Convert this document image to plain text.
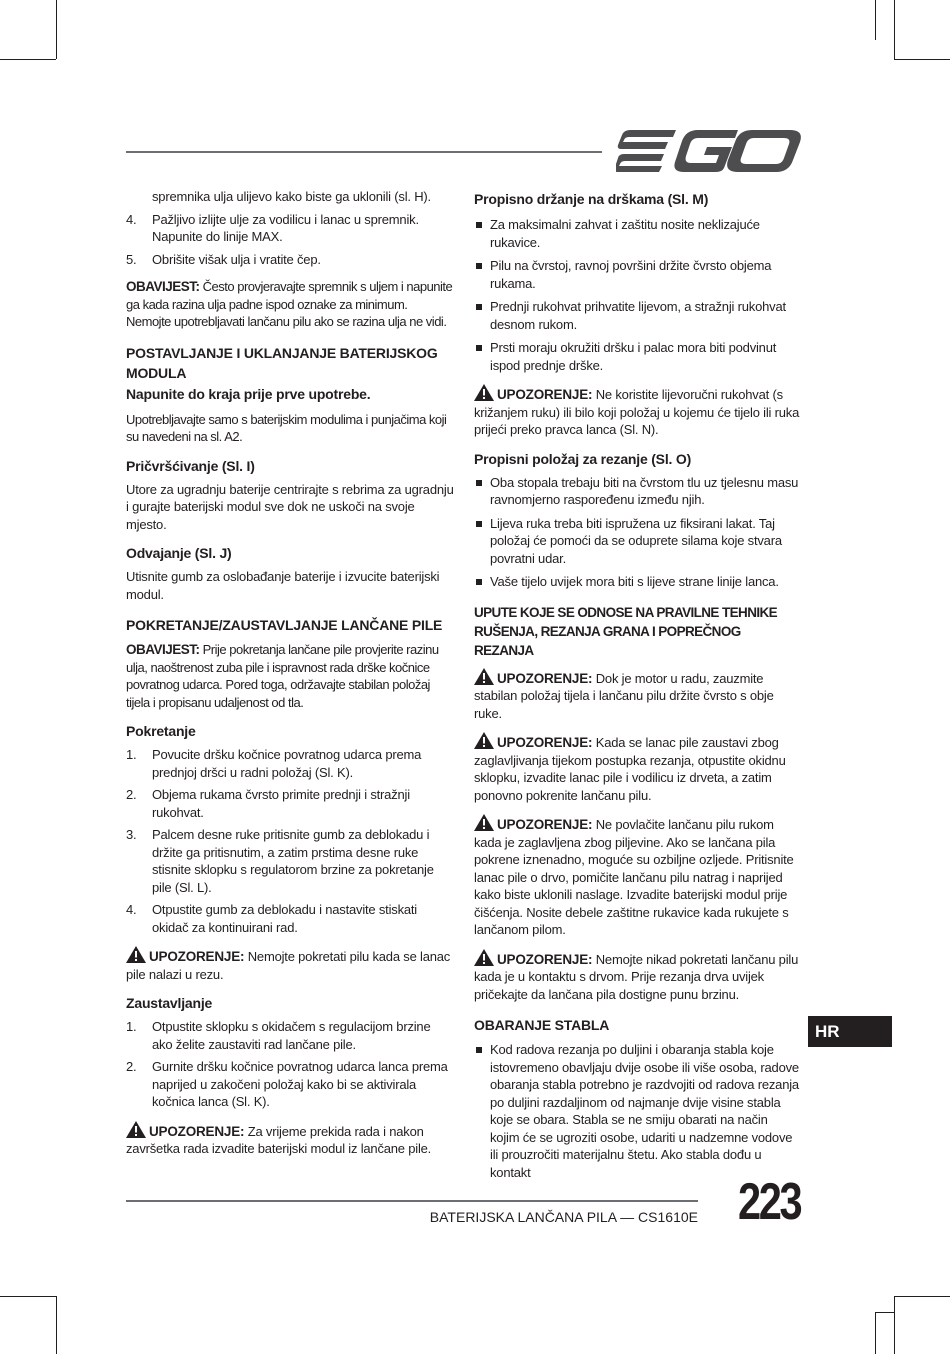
spremnika ulja ulijevo kako biste ga uklonili (sl. H).

4. Pažljivo izlijte ulje za vodilicu i lanac u spremnik. Napunite do linije MAX.
5. Obrišite višak ulja i vratite čep.

OBAVIJEST: Često provjeravajte spremnik s uljem i napunite ga kada razina ulja padne ispod oznake za minimum. Nemojte upotrebljavati lančanu pilu ako se razina ulja ne vidi.

POSTAVLJANJE I UKLANJANJE BATERIJSKOG MODULA
Napunite do kraja prije prve upotrebe.

Upotrebljavajte samo s baterijskim modulima i punjačima koji su navedeni na sl. A2.

Pričvršćivanje (Sl. I)

Utore za ugradnju baterije centrirajte s rebrima za ugradnju i gurajte baterijski modul sve dok ne uskoči na svoje mjesto.

Odvajanje (Sl. J)

Utisnite gumb za oslobađanje baterije i izvucite baterijski modul.

POKRETANJE/ZAUSTAVLJANJE LANČANE PILE

OBAVIJEST: Prije pokretanja lančane pile provjerite razinu ulja, naoštrenost zuba pile i ispravnost rada drške kočnice povratnog udarca. Pored toga, održavajte stabilan položaj tijela i propisanu udaljenost od tla.

Pokretanje
1. Povucite dršku kočnice povratnog udarca prema prednjoj dršci u radni položaj (Sl. K).
2. Objema rukama čvrsto primite prednji i stražnji rukohvat.
3. Palcem desne ruke pritisnite gumb za deblokadu i držite ga pritisnutim, a zatim prstima desne ruke stisnite sklopku s regulatorom brzine za pokretanje pile (Sl. L).
4. Otpustite gumb za deblokadu i nastavite stiskati okidač za kontinuirani rad.

UPOZORENJE: Nemojte pokretati pilu kada se lanac pile nalazi u rezu.

Zaustavljanje
1. Otpustite sklopku s okidačem s regulacijom brzine ako želite zaustaviti rad lančane pile.
2. Gurnite dršku kočnice povratnog udarca lanca prema naprijed u zakočeni položaj kako bi se aktivirala kočnica lanca (Sl. K).

UPOZORENJE: Za vrijeme prekida rada i nakon završetka rada izvadite baterijski modul iz lančane pile.

Propisno držanje na drškama (Sl. M)
Za maksimalni zahvat i zaštitu nosite neklizajuće rukavice.
Pilu na čvrstoj, ravnoj površini držite čvrsto objema rukama.
Prednji rukohvat prihvatite lijevom, a stražnji rukohvat desnom rukom.
Prsti moraju okružiti dršku i palac mora biti podvinut ispod prednje drške.

UPOZORENJE: Ne koristite lijevoručni rukohvat (s križanjem ruku) ili bilo koji položaj u kojemu će tijelo ili ruka prijeći preko pravca lanca (Sl. N).

Propisni položaj za rezanje (Sl. O)
Oba stopala trebaju biti na čvrstom tlu uz tjelesnu masu ravnomjerno raspoređenu između njih.
Lijeva ruka treba biti ispružena uz fiksirani lakat. Taj položaj će pomoći da se oduprete silama koje stvara povratni udar.
Vaše tijelo uvijek mora biti s lijeve strane linije lanca.
UPUTE KOJE SE ODNOSE NA PRAVILNE TEHNIKE RUŠENJA, REZANJA GRANA I POPREČNOG REZANJA

UPOZORENJE: Dok je motor u radu, zauzmite stabilan položaj tijela i lančanu pilu držite čvrsto s obje ruke.

UPOZORENJE: Kada se lanac pile zaustavi zbog zaglavljivanja tijekom postupka rezanja, otpustite okidnu sklopku, izvadite lanac pile i vodilicu iz drveta, a zatim ponovno pokrenite lančanu pilu.

UPOZORENJE: Ne povlačite lančanu pilu rukom kada je zaglavljena zbog piljevine. Ako se lančana pila pokrene iznenadno, moguće su ozbiljne ozljede. Pritisnite lanac pile o drvo, pomičite lančanu pilu natrag i naprijed kako biste uklonili naslage. Izvadite baterijski modul prije čišćenja. Nosite debele zaštitne rukavice kada rukujete s lančanom pilom.

UPOZORENJE: Nemojte nikad pokretati lančanu pilu kada je u kontaktu s drvom. Prije rezanja drva uvijek pričekajte da lančana pila dostigne punu brzinu.

OBARANJE STABLA
Kod radova rezanja po duljini i obaranja stabla koje istovremeno obavljaju dvije osobe ili više osoba, radove obaranja stabla potrebno je razdvojiti od radova rezanja po duljini razdaljinom od najmanje dvije visine stabla koje se obara. Stabla se ne smiju obarati na način kojim će se ugroziti osobe, udariti u nadzemne vodove ili prouzročiti materijalnu štetu. Ako stabla dođu u kontakt
HR
BATERIJSKA LANČANA PILA — CS1610E 223
